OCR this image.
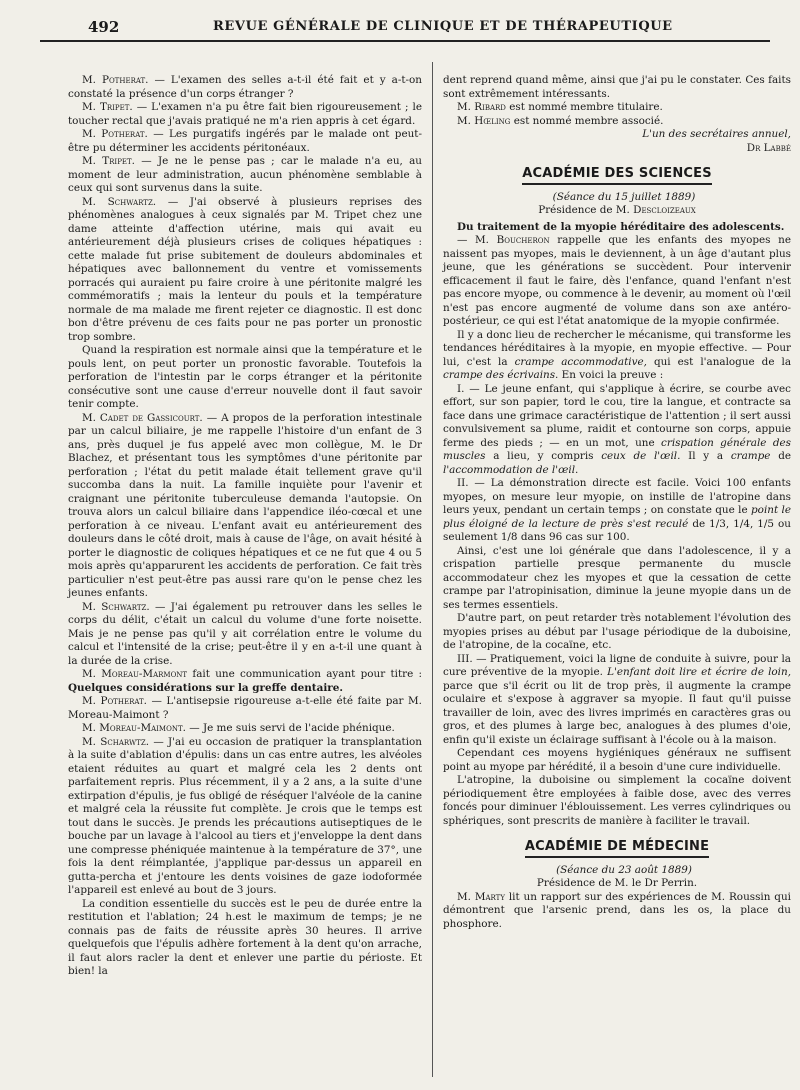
492	REVUE GÉNÉRALE DE CLINIQUE ET DE THÉRAPEUTIQUE

M. Potherat. — L'examen des selles a-t-il été fait et y a-t-on constaté la présence d'un corps étranger ?

M. Tripet. — L'examen n'a pu être fait bien rigoureusement ; le toucher rectal que j'avais pratiqué ne m'a rien appris à cet égard.

M. Potherat. — Les purgatifs ingérés par le malade ont peut-être pu déterminer les accidents péritonéaux.

M. Tripet. — Je ne le pense pas ; car le malade n'a eu, au moment de leur administration, aucun phénomène semblable à ceux qui sont survenus dans la suite.

M. Schwartz. — J'ai observé à plusieurs reprises des phénomènes analogues à ceux signalés par M. Tripet chez une dame atteinte d'affection utérine, mais qui avait eu antérieurement déjà plusieurs crises de coliques hépatiques : cette malade fut prise subitement de douleurs abdominales et hépatiques avec ballonnement du ventre et vomissements porracés qui auraient pu faire croire à une péritonite malgré les commémoratifs ; mais la lenteur du pouls et la température normale de ma malade me firent rejeter ce diagnostic. Il est donc bon d'être prévenu de ces faits pour ne pas porter un pronostic trop sombre.

Quand la respiration est normale ainsi que la température et le pouls lent, on peut porter un pronostic favorable. Toutefois la perforation de l'intestin par le corps étranger et la péritonite consécutive sont une cause d'erreur nouvelle dont il faut savoir tenir compte.

M. Cadet de Gassicourt. — A propos de la perforation intestinale par un calcul biliaire, je me rappelle l'histoire d'un enfant de 3 ans, près duquel je fus appelé avec mon collègue, M. le Dr Blachez, et présentant tous les symptômes d'une péritonite par perforation ; l'état du petit malade était tellement grave qu'il succomba dans la nuit. La famille inquiète pour l'avenir et craignant une péritonite tuberculeuse demanda l'autopsie. On trouva alors un calcul biliaire dans l'appendice iléo-cœcal et une perforation à ce niveau. L'enfant avait eu antérieurement des douleurs dans le côté droit, mais à cause de l'âge, on avait hésité à porter le diagnostic de coliques hépatiques et ce ne fut que 4 ou 5 mois après qu'apparurent les accidents de perforation. Ce fait très particulier n'est peut-être pas aussi rare qu'on le pense chez les jeunes enfants.

M. Schwartz. — J'ai également pu retrouver dans les selles le corps du délit, c'était un calcul du volume d'une forte noisette. Mais je ne pense pas qu'il y ait corrélation entre le volume du calcul et l'intensité de la crise; peut-être il y en a-t-il une quant à la durée de la crise.

M. Moreau-Marmont fait une communication ayant pour titre : Quelques considérations sur la greffe dentaire.

M. Potherat. — L'antisepsie rigoureuse a-t-elle été faite par M. Moreau-Maimont ?

M. Moreau-Maimont. — Je me suis servi de l'acide phénique.

M. Scharwtz. — J'ai eu occasion de pratiquer la transplantation à la suite d'ablation d'épulis: dans un cas entre autres, les alvéoles etaient réduites au quart et malgré cela les 2 dents ont parfaitement repris. Plus récemment, il y a 2 ans, a la suite d'une extirpation d'épulis, je fus obligé de réséquer l'alvéole de la canine et malgré cela la réussite fut complète. Je crois que le temps est tout dans le succès. Je prends les précautions autiseptiques de le bouche par un lavage à l'alcool au tiers et j'enveloppe la dent dans une compresse phéniquée maintenue à la température de 37°, une fois la dent réimplantée, j'applique par-dessus un appareil en gutta-percha et j'entoure les dents voisines de gaze iodoformée l'appareil est enlevé au bout de 3 jours.

La condition essentielle du succès est le peu de durée entre la restitution et l'ablation; 24 h.est le maximum de temps; je ne connais pas de faits de réussite après 30 heures. Il arrive quelquefois que l'épulis adhère fortement à la dent qu'on arrache, il faut alors racler la dent et enlever une partie du périoste. Et bien! la

dent reprend quand même, ainsi que j'ai pu le constater. Ces faits sont extrêmement intéressants.

M. Ribard est nommé membre titulaire.

M. Hœling est nommé membre associé.

L'un des secrétaires annuel,

Dr Labbé

ACADÉMIE DES SCIENCES

(Séance du 15 juillet 1889)

Présidence de M. Descloizeaux

Du traitement de la myopie héréditaire des adolescents.

— M. Boucheron rappelle que les enfants des myopes ne naissent pas myopes, mais le deviennent, à un âge d'autant plus jeune, que les générations se succèdent. Pour intervenir efficacement il faut le faire, dès l'enfance, quand l'enfant n'est pas encore myope, ou commence à le devenir, au moment où l'œil n'est pas encore augmenté de volume dans son axe antéro-postérieur, ce qui est l'état anatomique de la myopie confirmée.

Il y a donc lieu de rechercher le mécanisme, qui transforme les tendances héréditaires à la myopie, en myopie effective. — Pour lui, c'est la crampe accommodative, qui est l'analogue de la crampe des écrivains. En voici la preuve :

I. — Le jeune enfant, qui s'applique à écrire, se courbe avec effort, sur son papier, tord le cou, tire la langue, et contracte sa face dans une grimace caractéristique de l'attention ; il sert aussi convulsivement sa plume, raidit et contourne son corps, appuie ferme des pieds ; — en un mot, une crispation générale des muscles a lieu, y compris ceux de l'œil. Il y a crampe de l'accommodation de l'œil.

II. — La démonstration directe est facile. Voici 100 enfants myopes, on mesure leur myopie, on instille de l'atropine dans leurs yeux, pendant un certain temps ; on constate que le point le plus éloigné de la lecture de près s'est reculé de 1/3, 1/4, 1/5 ou seulement 1/8 dans 96 cas sur 100.

Ainsi, c'est une loi générale que dans l'adolescence, il y a crispation partielle presque permanente du muscle accommodateur chez les myopes et que la cessation de cette crampe par l'atropinisation, diminue la jeune myopie dans un de ses termes essentiels.

D'autre part, on peut retarder très notablement l'évolution des myopies prises au début par l'usage périodique de la duboisine, de l'atropine, de la cocaïne, etc.

III. — Pratiquement, voici la ligne de conduite à suivre, pour la cure préventive de la myopie. L'enfant doit lire et écrire de loin, parce que s'il écrit ou lit de trop près, il augmente la crampe oculaire et s'expose à aggraver sa myopie. Il faut qu'il puisse travailler de loin, avec des livres imprimés en caractères gras ou gros, et des plumes à large bec, analogues à des plumes d'oie, enfin qu'il existe un éclairage suffisant à l'école ou à la maison.

Cependant ces moyens hygiéniques généraux ne suffisent point au myope par hérédité, il a besoin d'une cure individuelle.

L'atropine, la duboisine ou simplement la cocaïne doivent périodiquement être employées à faible dose, avec des verres foncés pour diminuer l'éblouissement. Les verres cylindriques ou sphériques, sont prescrits de manière à faciliter le travail.

ACADÉMIE DE MÉDECINE

(Séance du 23 août 1889)

Présidence de M. le Dr Perrin.

M. Marty lit un rapport sur des expériences de M. Roussin qui démontrent que l'arsenic prend, dans les os, la place du phosphore.
